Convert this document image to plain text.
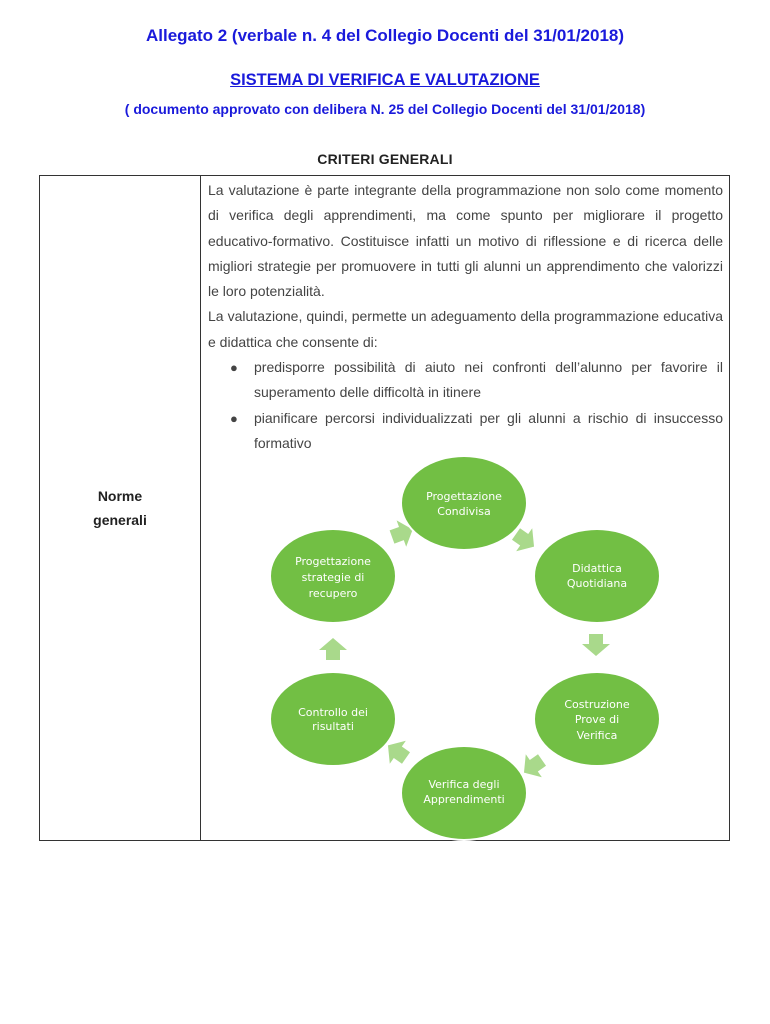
Allegato 2 (verbale n. 4 del Collegio Docenti del 31/01/2018)
SISTEMA DI VERIFICA E VALUTAZIONE
( documento approvato con delibera N. 25 del Collegio Docenti del 31/01/2018)
CRITERI GENERALI
Norme
generali

La valutazione è parte integrante della programmazione non solo come momento di verifica degli apprendimenti, ma come spunto per migliorare il progetto educativo-formativo. Costituisce infatti un motivo di riflessione e di ricerca delle migliori strategie per promuovere in tutti gli alunni un apprendimento che valorizzi le loro potenzialità.

La valutazione, quindi, permette un adeguamento della programmazione educativa e didattica che consente di:

● predisporre possibilità di aiuto nei confronti dell’alunno per favorire il superamento delle difficoltà in itinere
● pianificare percorsi individualizzati per gli alunni a rischio di insuccesso formativo
Progettazione
Condivisa
Didattica
Quotidiana
Costruzione
Prove di
Verifica
Verifica degli
Apprendimenti
Controllo dei
risultati
Progettazione
strategie di
recupero
